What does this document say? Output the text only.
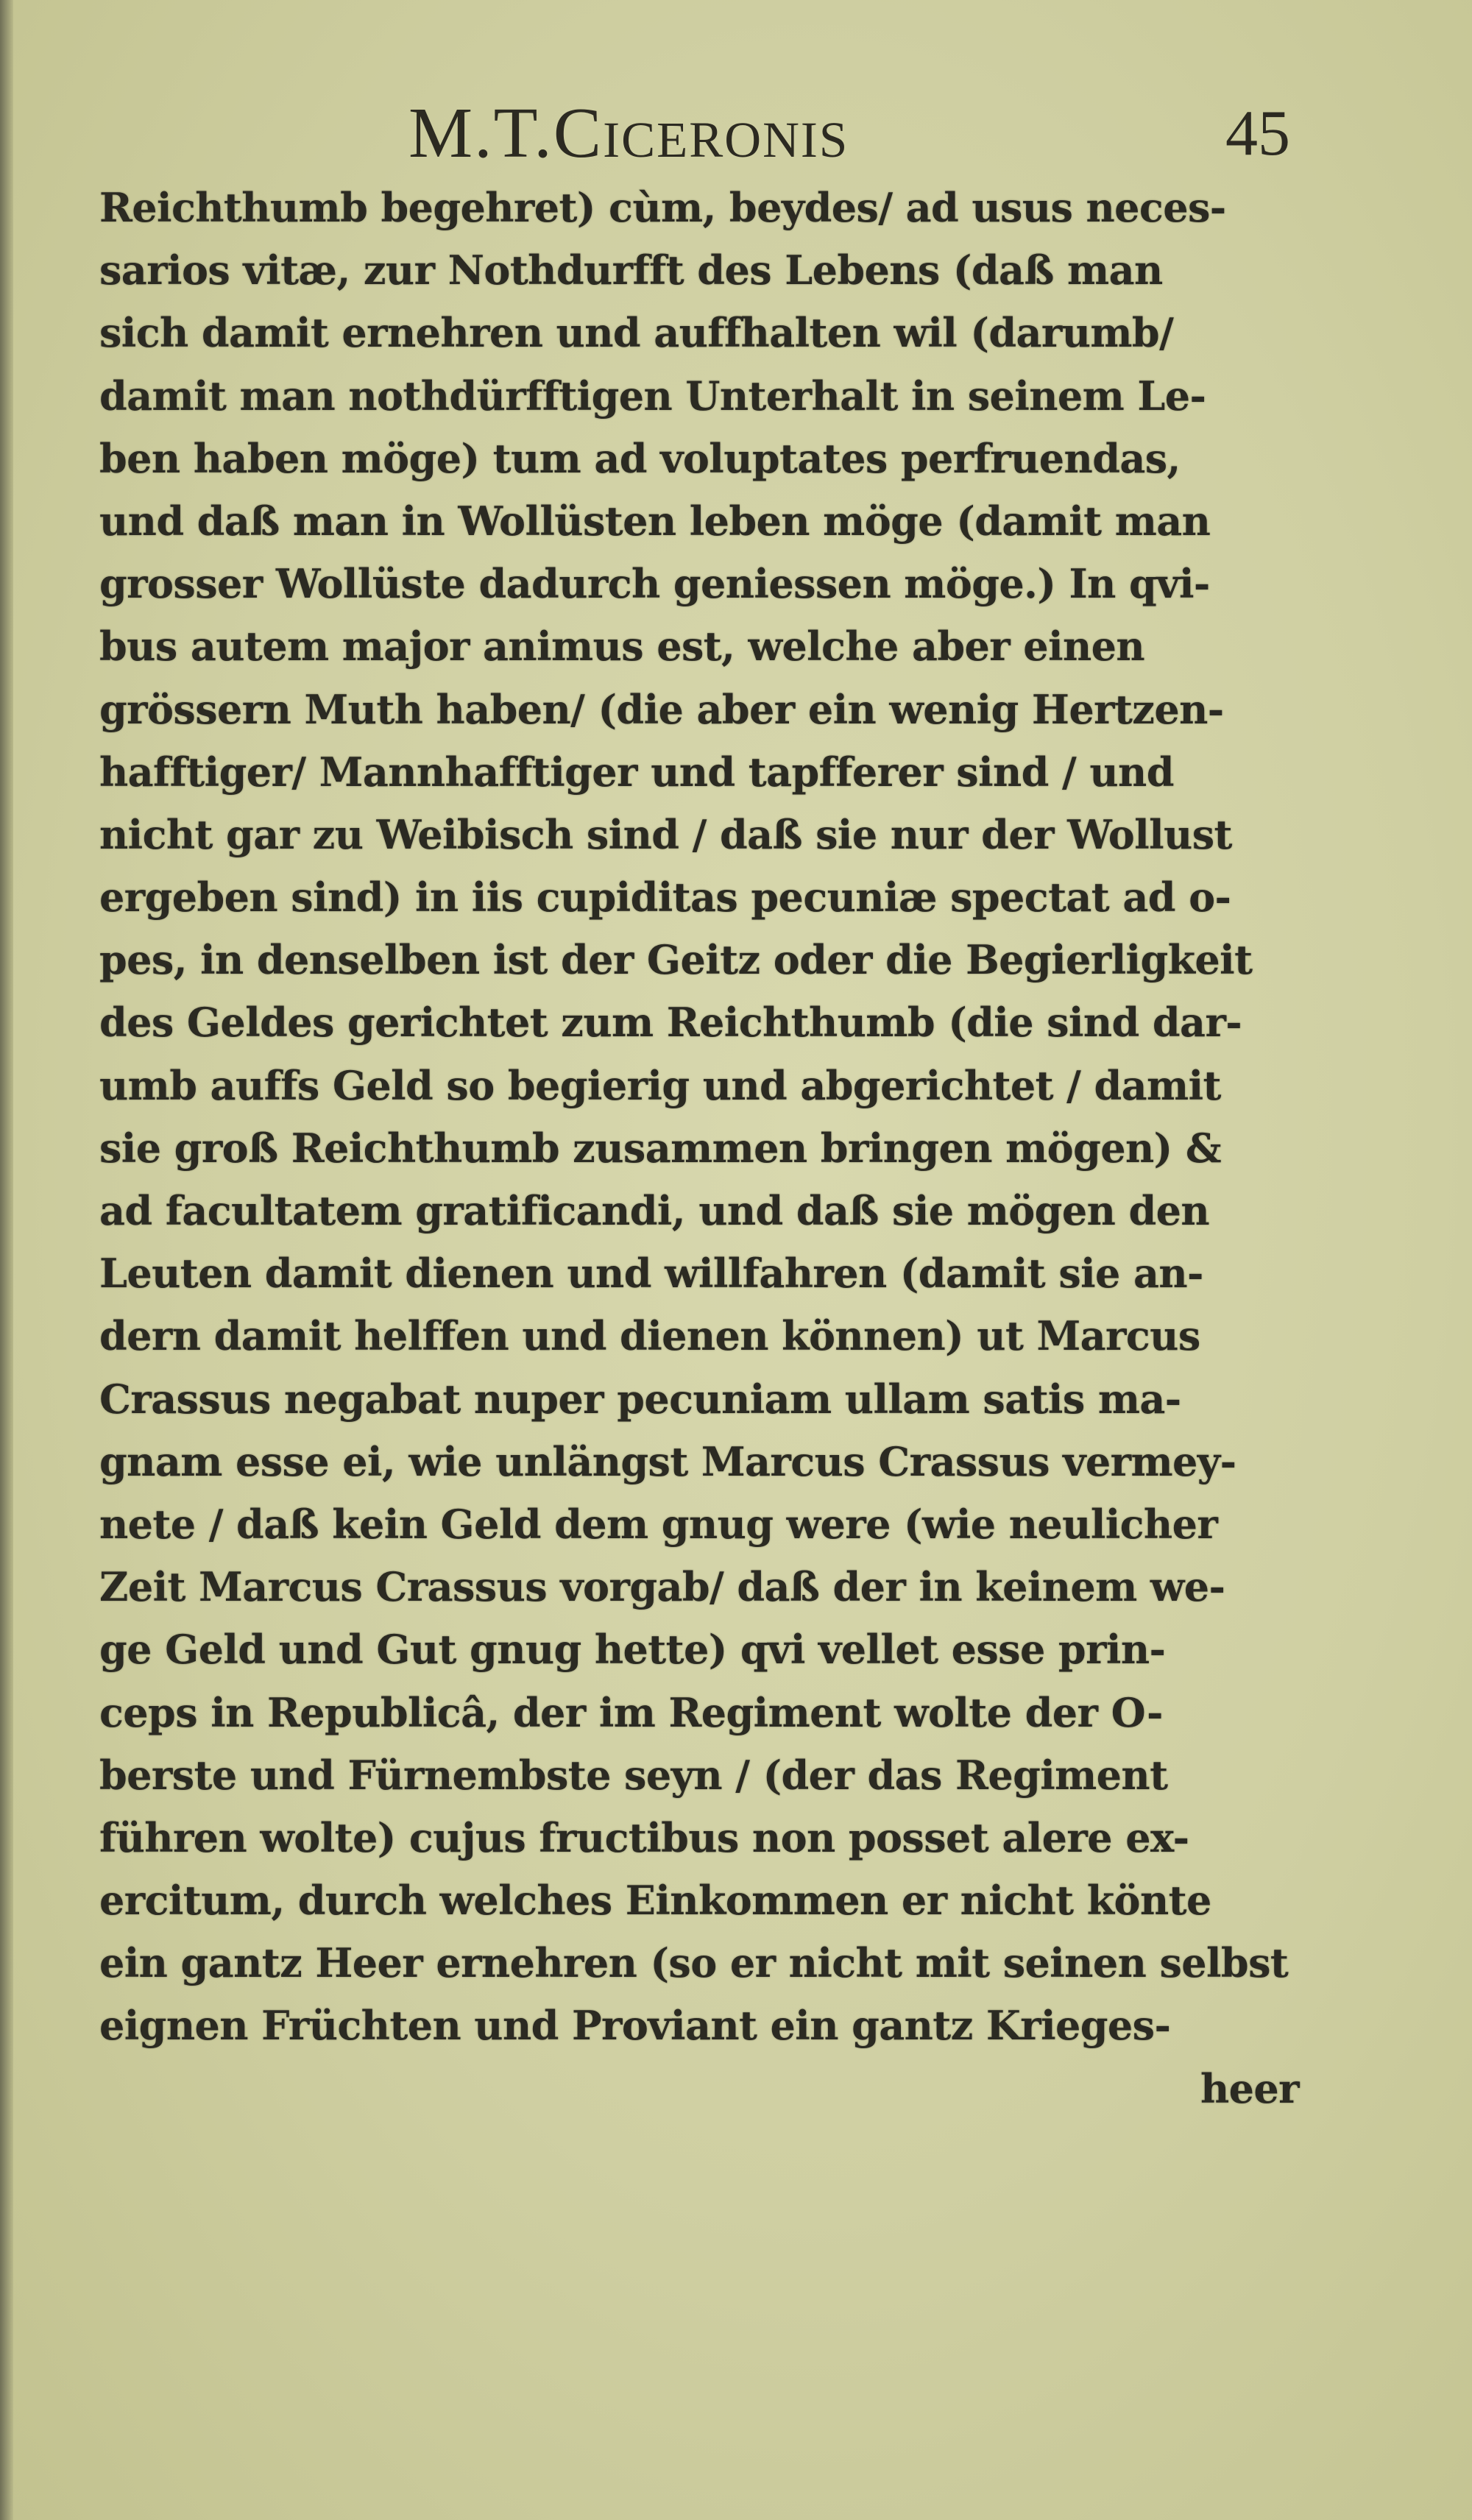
M.T.Ciceronis	45
Reichthumb begehret) cùm, beydes/ ad usus neces-
sarios vitæ, zur Nothdurfft des Lebens (daß man
sich damit ernehren und auffhalten wil (darumb/
damit man nothdürfftigen Unterhalt in seinem Le-
ben haben möge) tum ad voluptates perfruendas,
und daß man in Wollüsten leben möge (damit man
grosser Wollüste dadurch geniessen möge.) In qvi-
bus autem major animus est, welche aber einen
grössern Muth haben/ (die aber ein wenig Hertzen-
hafftiger/ Mannhafftiger und tapfferer sind / und
nicht gar zu Weibisch sind / daß sie nur der Wollust
ergeben sind) in iis cupiditas pecuniæ spectat ad o-
pes, in denselben ist der Geitz oder die Begierligkeit
des Geldes gerichtet zum Reichthumb (die sind dar-
umb auffs Geld so begierig und abgerichtet / damit
sie groß Reichthumb zusammen bringen mögen) &
ad facultatem gratificandi, und daß sie mögen den
Leuten damit dienen und willfahren (damit sie an-
dern damit helffen und dienen können) ut Marcus
Crassus negabat nuper pecuniam ullam satis ma-
gnam esse ei, wie unlängst Marcus Crassus vermey-
nete / daß kein Geld dem gnug were (wie neulicher
Zeit Marcus Crassus vorgab/ daß der in keinem we-
ge Geld und Gut gnug hette) qvi vellet esse prin-
ceps in Republicâ, der im Regiment wolte der O-
berste und Fürnembste seyn / (der das Regiment
führen wolte) cujus fructibus non posset alere ex-
ercitum, durch welches Einkommen er nicht könte
ein gantz Heer ernehren (so er nicht mit seinen selbst
eignen Früchten und Proviant ein gantz Krieges-
heer
